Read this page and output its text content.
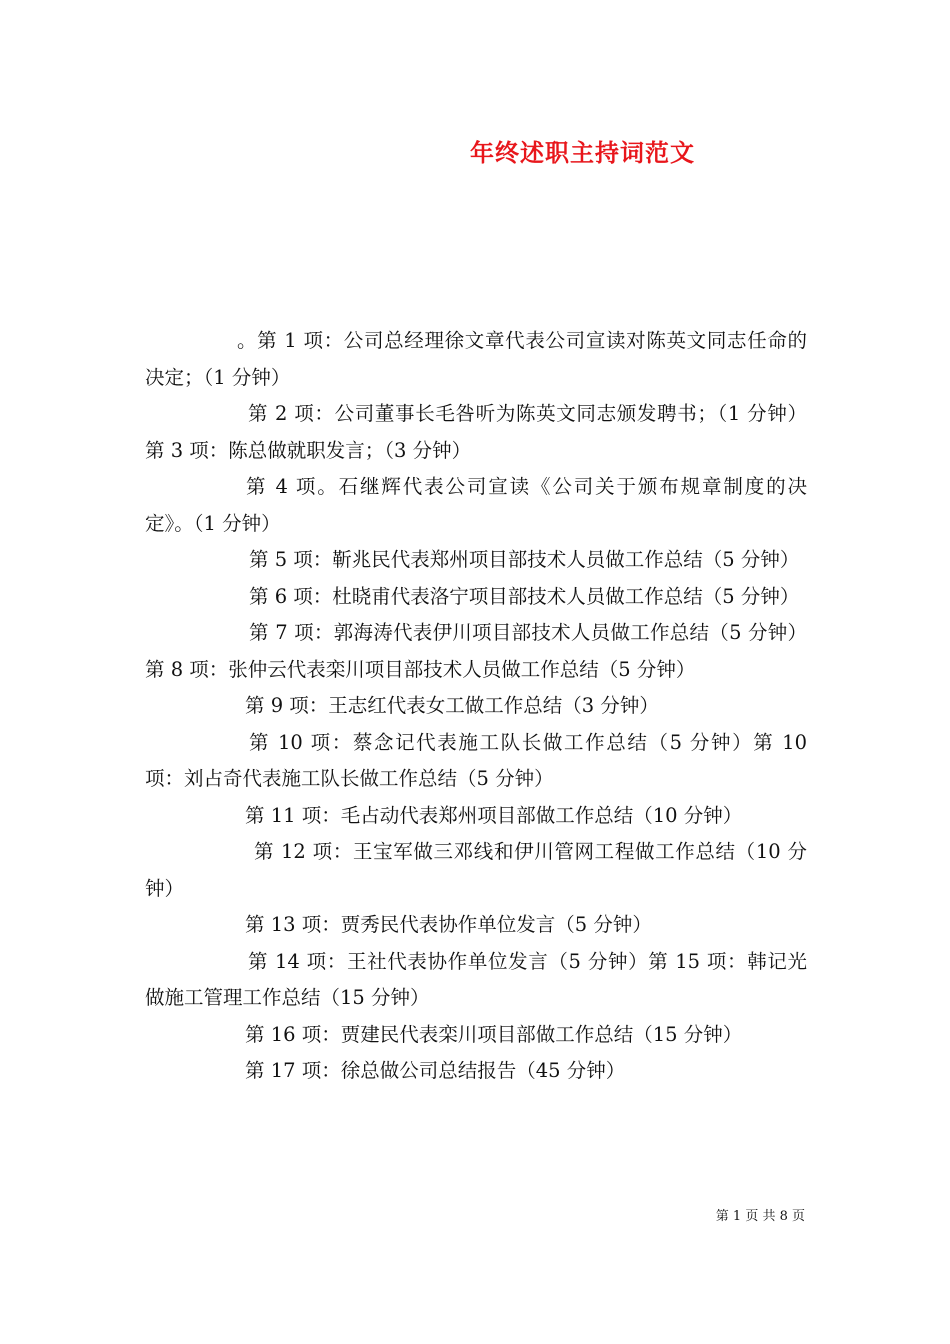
年终述职主持词范文

。第 1 项：公司总经理徐文章代表公司宣读对陈英文同志任命的决定；（1 分钟）

第 2 项：公司董事长毛咎听为陈英文同志颁发聘书；（1 分钟）第 3 项：陈总做就职发言；（3 分钟）

第 4 项。石继辉代表公司宣读《公司关于颁布规章制度的决定》。（1 分钟）

第 5 项：靳兆民代表郑州项目部技术人员做工作总结（5 分钟）

第 6 项：杜晓甫代表洛宁项目部技术人员做工作总结（5 分钟）

第 7 项：郭海涛代表伊川项目部技术人员做工作总结（5 分钟）第 8 项：张仲云代表栾川项目部技术人员做工作总结（5 分钟）

第 9 项：王志红代表女工做工作总结（3 分钟）

第 10 项：蔡念记代表施工队长做工作总结（5 分钟）第 10 项：刘占奇代表施工队长做工作总结（5 分钟）

第 11 项：毛占动代表郑州项目部做工作总结（10 分钟）

第 12 项：王宝军做三邓线和伊川管网工程做工作总结（10 分钟）

第 13 项：贾秀民代表协作单位发言（5 分钟）

第 14 项：王社代表协作单位发言（5 分钟）第 15 项：韩记光做施工管理工作总结（15 分钟）

第 16 项：贾建民代表栾川项目部做工作总结（15 分钟）

第 17 项：徐总做公司总结报告（45 分钟）

第 1 页 共 8 页
